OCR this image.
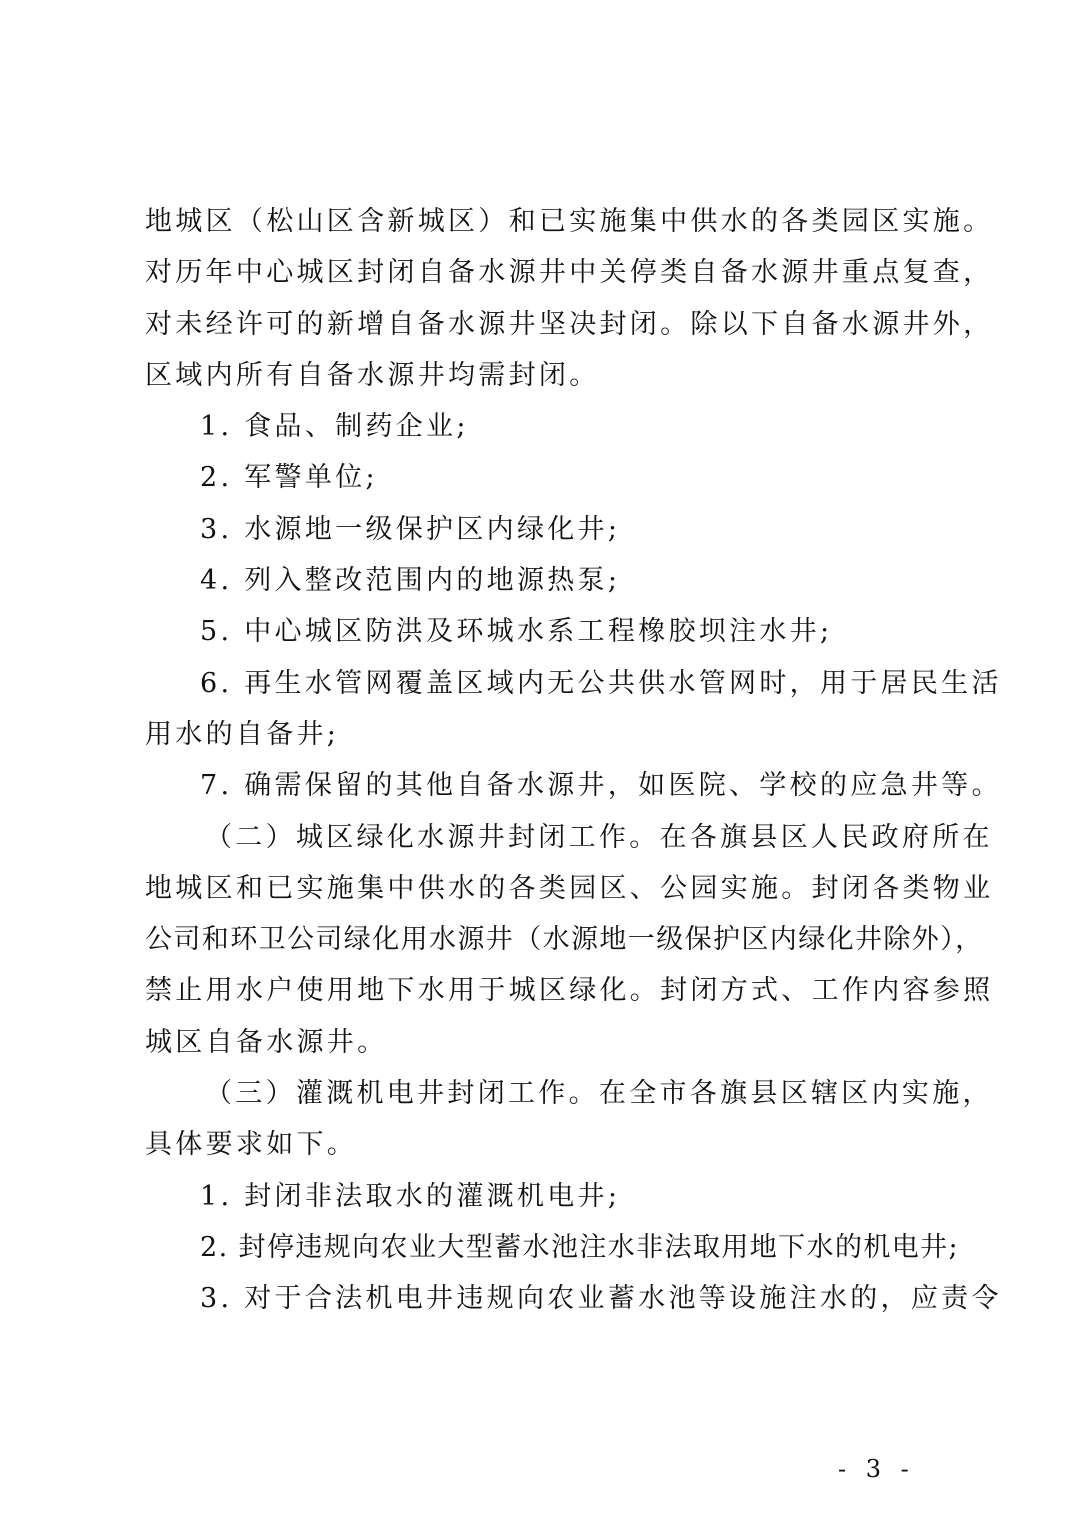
地城区（松山区含新城区）和已实施集中供水的各类园区实施。
对历年中心城区封闭自备水源井中关停类自备水源井重点复查，
对未经许可的新增自备水源井坚决封闭。除以下自备水源井外，
区域内所有自备水源井均需封闭。
1. 食品、制药企业;
2. 军警单位;
3. 水源地一级保护区内绿化井;
4. 列入整改范围内的地源热泵;
5. 中心城区防洪及环城水系工程橡胶坝注水井;
6. 再生水管网覆盖区域内无公共供水管网时，用于居民生活
用水的自备井;
7. 确需保留的其他自备水源井，如医院、学校的应急井等。
（二）城区绿化水源井封闭工作。在各旗县区人民政府所在
地城区和已实施集中供水的各类园区、公园实施。封闭各类物业
公司和环卫公司绿化用水源井（水源地一级保护区内绿化井除外），
禁止用水户使用地下水用于城区绿化。封闭方式、工作内容参照
城区自备水源井。
（三）灌溉机电井封闭工作。在全市各旗县区辖区内实施，
具体要求如下。
1. 封闭非法取水的灌溉机电井;
2. 封停违规向农业大型蓄水池注水非法取用地下水的机电井;
3. 对于合法机电井违规向农业蓄水池等设施注水的，应责令
- 3 -
